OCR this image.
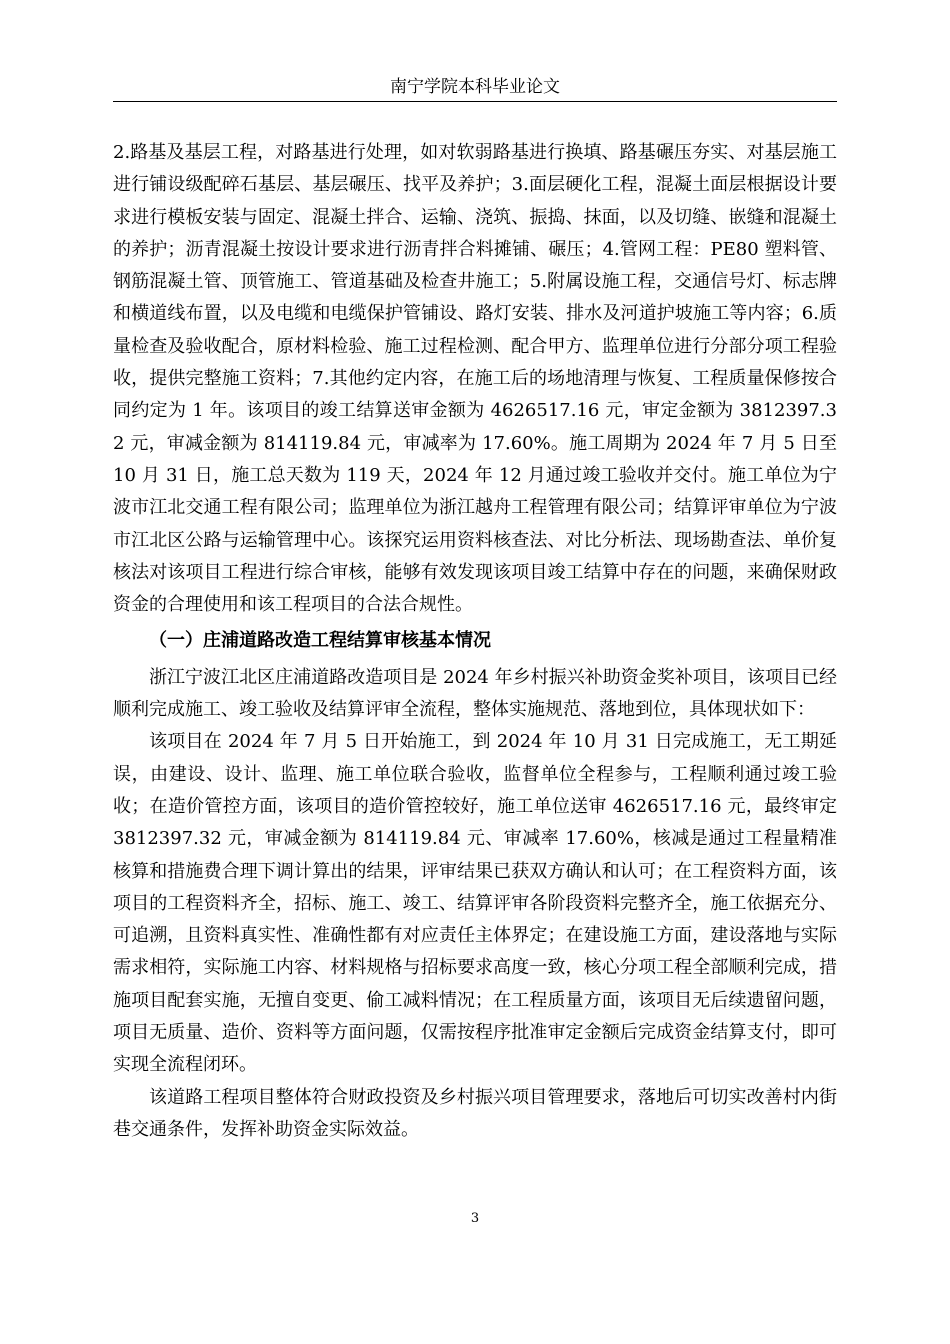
南宁学院本科毕业论文

2.路基及基层工程，对路基进行处理，如对软弱路基进行换填、路基碾压夯实、对基层施工进行铺设级配碎石基层、基层碾压、找平及养护；3.面层硬化工程，混凝土面层根据设计要求进行模板安装与固定、混凝土拌合、运输、浇筑、振捣、抹面，以及切缝、嵌缝和混凝土的养护；沥青混凝土按设计要求进行沥青拌合料摊铺、碾压；4.管网工程：PE80 塑料管、钢筋混凝土管、顶管施工、管道基础及检查井施工；5.附属设施工程，交通信号灯、标志牌和横道线布置，以及电缆和电缆保护管铺设、路灯安装、排水及河道护坡施工等内容；6.质量检查及验收配合，原材料检验、施工过程检测、配合甲方、监理单位进行分部分项工程验收，提供完整施工资料；7.其他约定内容，在施工后的场地清理与恢复、工程质量保修按合同约定为 1 年。该项目的竣工结算送审金额为 4626517.16 元，审定金额为 3812397.32 元，审减金额为 814119.84 元，审减率为 17.60%。施工周期为 2024 年 7 月 5 日至 10 月 31 日，施工总天数为 119 天，2024 年 12 月通过竣工验收并交付。施工单位为宁波市江北交通工程有限公司；监理单位为浙江越舟工程管理有限公司；结算评审单位为宁波市江北区公路与运输管理中心。该探究运用资料核查法、对比分析法、现场勘查法、单价复核法对该项目工程进行综合审核，能够有效发现该项目竣工结算中存在的问题，来确保财政资金的合理使用和该工程项目的合法合规性。

（一）庄浦道路改造工程结算审核基本情况

浙江宁波江北区庄浦道路改造项目是 2024 年乡村振兴补助资金奖补项目，该项目已经顺利完成施工、竣工验收及结算评审全流程，整体实施规范、落地到位，具体现状如下：

该项目在 2024 年 7 月 5 日开始施工，到 2024 年 10 月 31 日完成施工，无工期延误，由建设、设计、监理、施工单位联合验收，监督单位全程参与，工程顺利通过竣工验收；在造价管控方面，该项目的造价管控较好，施工单位送审 4626517.16 元，最终审定 3812397.32 元，审减金额为 814119.84 元、审减率 17.60%，核减是通过工程量精准核算和措施费合理下调计算出的结果，评审结果已获双方确认和认可；在工程资料方面，该项目的工程资料齐全，招标、施工、竣工、结算评审各阶段资料完整齐全，施工依据充分、可追溯，且资料真实性、准确性都有对应责任主体界定；在建设施工方面，建设落地与实际需求相符，实际施工内容、材料规格与招标要求高度一致，核心分项工程全部顺利完成，措施项目配套实施，无擅自变更、偷工减料情况；在工程质量方面，该项目无后续遗留问题，项目无质量、造价、资料等方面问题，仅需按程序批准审定金额后完成资金结算支付，即可实现全流程闭环。

该道路工程项目整体符合财政投资及乡村振兴项目管理要求，落地后可切实改善村内街巷交通条件，发挥补助资金实际效益。

3
